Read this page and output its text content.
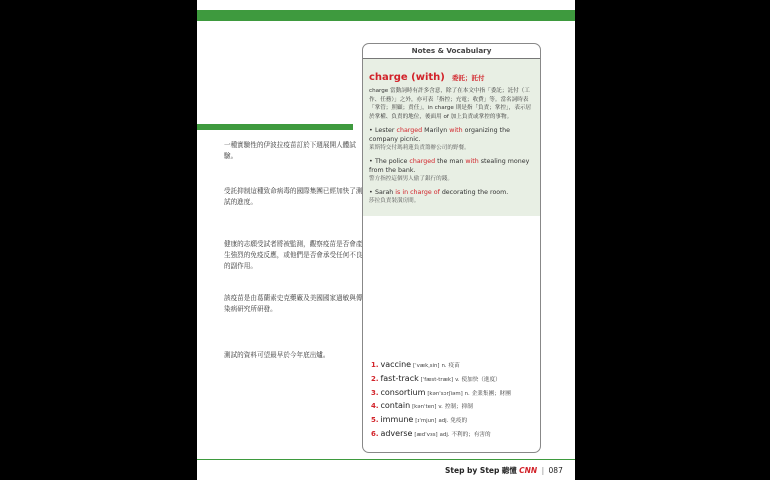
一種實驗性的伊波拉疫苗訂於下週展開人體試驗。
受託抑制這種致命病毒的國際集團已經加快了測試的進度。
健康的志願受試者將被監測，觀察疫苗是否會產生強烈的免疫反應，或他們是否會承受任何不良的副作用。
該疫苗是由葛蘭素史克藥廠及美國國家過敏與傳染病研究所研發。
測試的資料可望最早於今年底出爐。
Notes & Vocabulary
charge (with) 委託；託付
charge 當動詞時有許多含意，除了在本文中指「委託；託付（工作、任務）」之外，亦可表「指控；充電；收費」等。當名詞時表「掌管；照顧；責任」，in charge 則是指「負責；掌控」，表示居於掌權、負責的地位，後面用 of 加上負責或掌控的事物。
• Lester charged Marilyn with organizing the company picnic.
萊斯特交付瑪莉蓮負責籌辦公司的野餐。
• The police charged the man with stealing money from the bank.
警方指控這個男人偷了銀行的錢。
• Sarah is in charge of decorating the room.
莎拉負責裝潢房間。
1. vaccine [ˈvækˌsin] n. 疫苗
2. fast-track [ˈfæst-træk] v. 使加快（進度）
3. consortium [kənˈsɔrʃiəm] n. 企業集團；財團
4. contain [kənˈten] v. 控制；抑制
5. immune [ɪˈmjun] adj. 免疫的
6. adverse [ædˈvɜs] adj. 不利的；有害的
Step by Step 聽懂 CNN | 087
